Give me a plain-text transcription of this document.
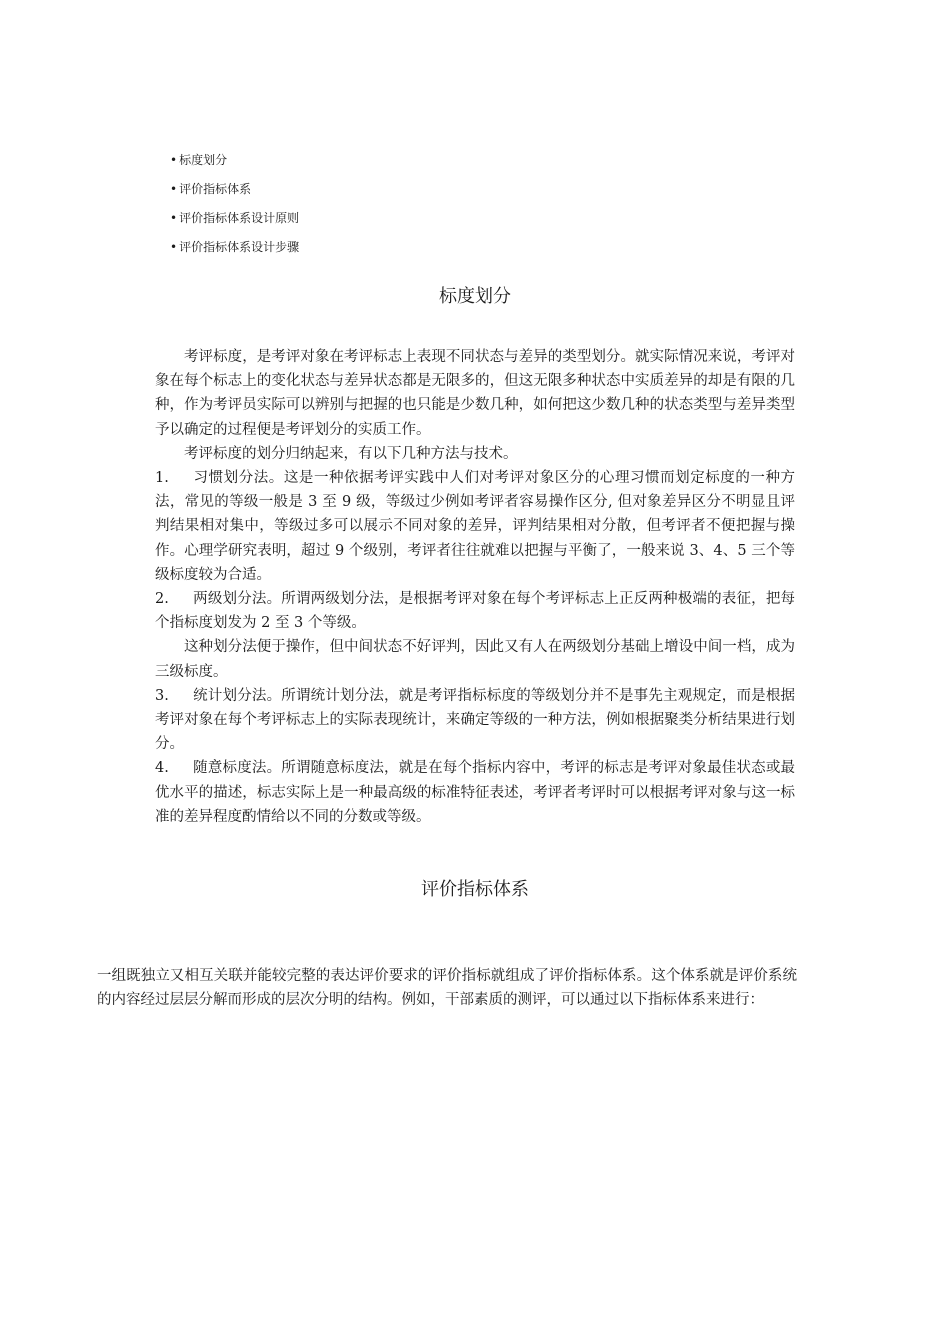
• 标度划分
• 评价指标体系
• 评价指标体系设计原则
• 评价指标体系设计步骤
标度划分

考评标度，是考评对象在考评标志上表现不同状态与差异的类型划分。就实际情况来说，考评对象在每个标志上的变化状态与差异状态都是无限多的，但这无限多种状态中实质差异的却是有限的几种，作为考评员实际可以辨别与把握的也只能是少数几种，如何把这少数几种的状态类型与差异类型予以确定的过程便是考评划分的实质工作。

考评标度的划分归纳起来，有以下几种方法与技术。

1. 习惯划分法。这是一种依据考评实践中人们对考评对象区分的心理习惯而划定标度的一种方法，常见的等级一般是 3 至 9 级，等级过少例如考评者容易操作区分, 但对象差异区分不明显且评判结果相对集中，等级过多可以展示不同对象的差异，评判结果相对分散，但考评者不便把握与操作。心理学研究表明，超过 9 个级别，考评者往往就难以把握与平衡了，一般来说 3、4、5 三个等级标度较为合适。

2. 两级划分法。所谓两级划分法，是根据考评对象在每个考评标志上正反两种极端的表征，把每个指标度划发为 2 至 3 个等级。

这种划分法便于操作，但中间状态不好评判，因此又有人在两级划分基础上增设中间一档，成为三级标度。

3. 统计划分法。所谓统计划分法，就是考评指标标度的等级划分并不是事先主观规定，而是根据考评对象在每个考评标志上的实际表现统计，来确定等级的一种方法，例如根据聚类分析结果进行划分。

4. 随意标度法。所谓随意标度法，就是在每个指标内容中，考评的标志是考评对象最佳状态或最优水平的描述，标志实际上是一种最高级的标准特征表述，考评者考评时可以根据考评对象与这一标准的差异程度酌情给以不同的分数或等级。

评价指标体系

一组既独立又相互关联并能较完整的表达评价要求的评价指标就组成了评价指标体系。这个体系就是评价系统的内容经过层层分解而形成的层次分明的结构。例如，干部素质的测评，可以通过以下指标体系来进行：
